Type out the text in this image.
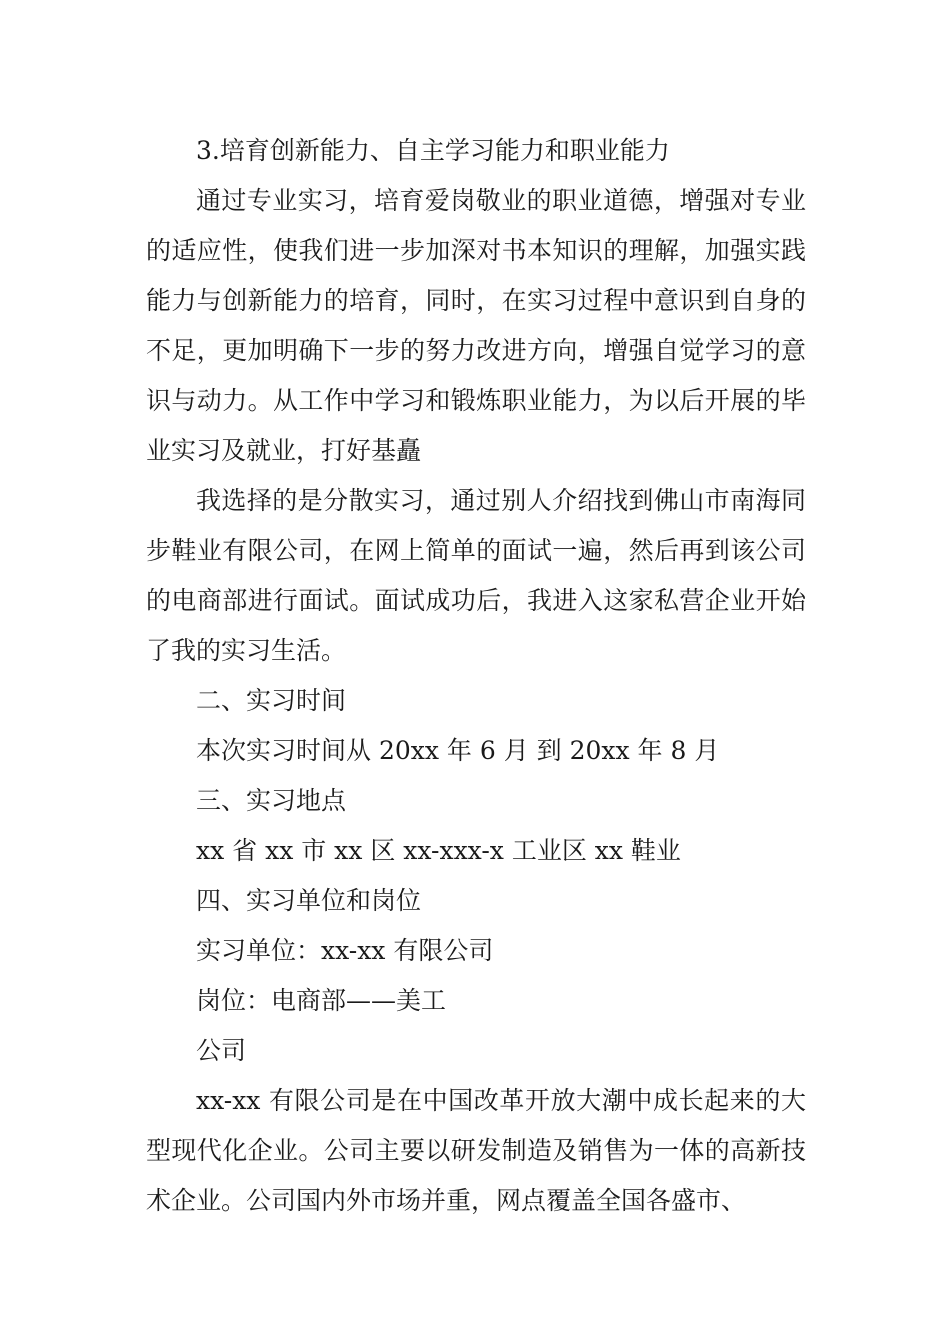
3.培育创新能力、自主学习能力和职业能力

通过专业实习，培育爱岗敬业的职业道德，增强对专业的适应性，使我们进一步加深对书本知识的理解，加强实践能力与创新能力的培育，同时，在实习过程中意识到自身的不足，更加明确下一步的努力改进方向，增强自觉学习的意识与动力。从工作中学习和锻炼职业能力，为以后开展的毕业实习及就业，打好基矗

我选择的是分散实习，通过别人介绍找到佛山市南海同步鞋业有限公司，在网上简单的面试一遍，然后再到该公司的电商部进行面试。面试成功后，我进入这家私营企业开始了我的实习生活。

二、实习时间

本次实习时间从 20xx 年 6 月 到 20xx 年 8 月

三、实习地点

xx 省 xx 市 xx 区 xx-xxx-x 工业区 xx 鞋业

四、实习单位和岗位

实习单位：xx-xx 有限公司

岗位：电商部——美工

公司

xx-xx 有限公司是在中国改革开放大潮中成长起来的大型现代化企业。公司主要以研发制造及销售为一体的高新技术企业。公司国内外市场并重，网点覆盖全国各盛市、
